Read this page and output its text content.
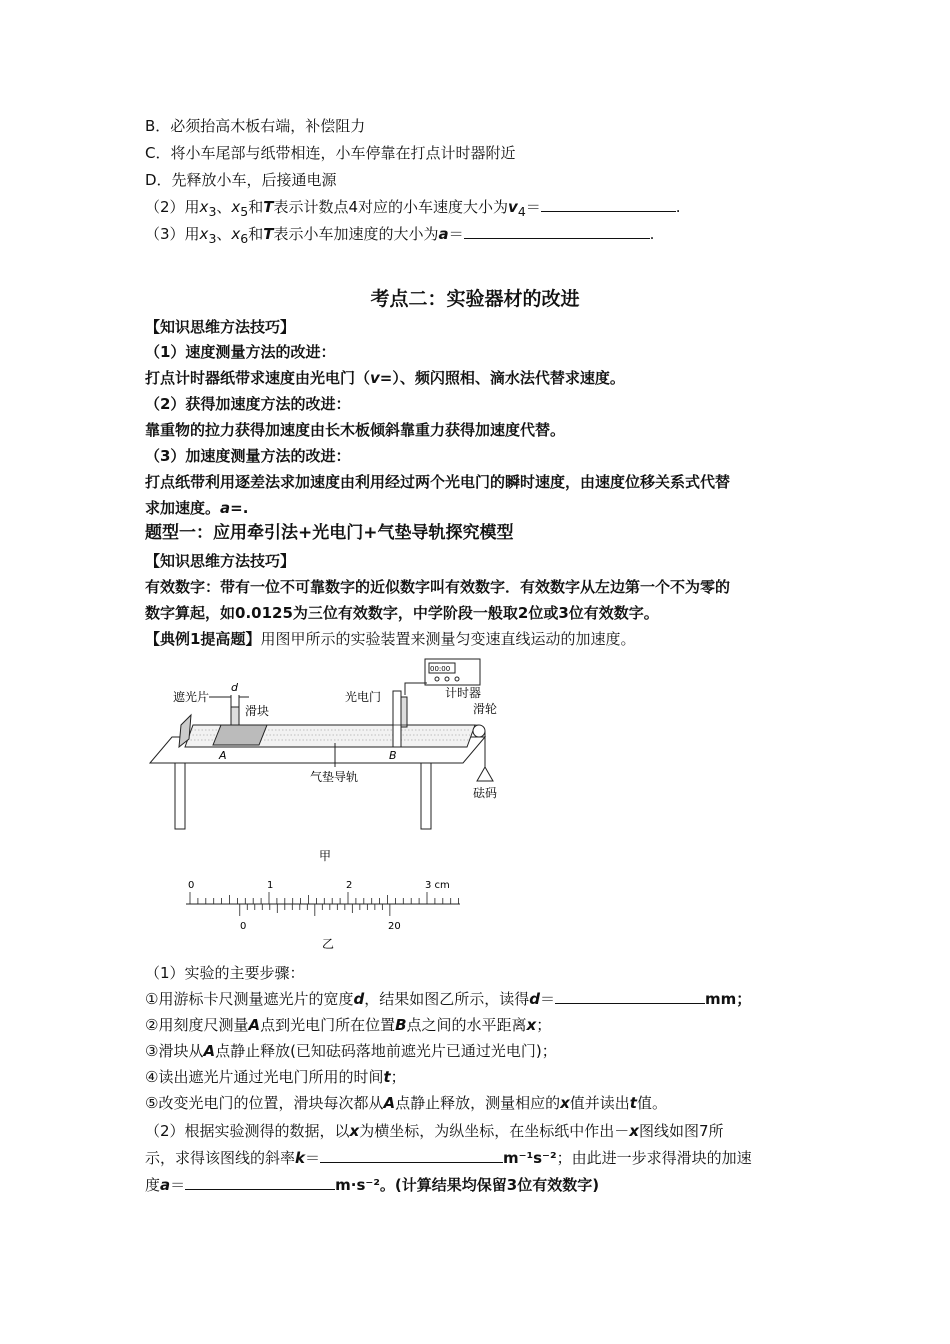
B．必须抬高木板右端，补偿阻力
C．将小车尾部与纸带相连，小车停靠在打点计时器附近
D．先释放小车，后接通电源
（2）用$x_3$、$x_5$和T表示计数点4对应的小车速度大小为$v_4=$	.
（3）用$x_3$、$x_6$和T表示小车加速度的大小为a＝	.
考点二：实验器材的改进
【知识思维方法技巧】
（1）速度测量方法的改进：
打点计时器纸带求速度由光电门（v=）、频闪照相、滴水法代替求速度。
（2）获得加速度方法的改进：
靠重物的拉力获得加速度由长木板倾斜靠重力获得加速度代替。
（3）加速度测量方法的改进：
打点纸带利用逐差法求加速度由利用经过两个光电门的瞬时速度，由速度位移关系式代替
求加速度。a=.
题型一：应用牵引法+光电门+气垫导轨探究模型
【知识思维方法技巧】
有效数字：带有一位不可靠数字的近似数字叫有效数字．有效数字从左边第一个不为零的
数字算起，如0.0125为三位有效数字，中学阶段一般取2位或3位有效数字。
【典例1提高题】用图甲所示的实验装置来测量匀变速直线运动的加速度。
d
遮光片
滑块
光电门
00:00
计时器
滑轮
砝码
A	B
气垫导轨
甲
0	1	2	3 cm
0	20
乙
（1）实验的主要步骤：
①用游标卡尺测量遮光片的宽度d，结果如图乙所示，读得d＝	mm；
②用刻度尺测量A点到光电门所在位置B点之间的水平距离x；
③滑块从A点静止释放(已知砝码落地前遮光片已通过光电门)；
④读出遮光片通过光电门所用的时间t；
⑤改变光电门的位置，滑块每次都从A点静止释放，测量相应的x值并读出t值。
（2）根据实验测得的数据，以x为横坐标，为纵坐标，在坐标纸中作出－x图线如图7所
示，求得该图线的斜率k＝	m⁻¹s⁻²；由此进一步求得滑块的加速
度a＝	m·s⁻²。(计算结果均保留3位有效数字)
